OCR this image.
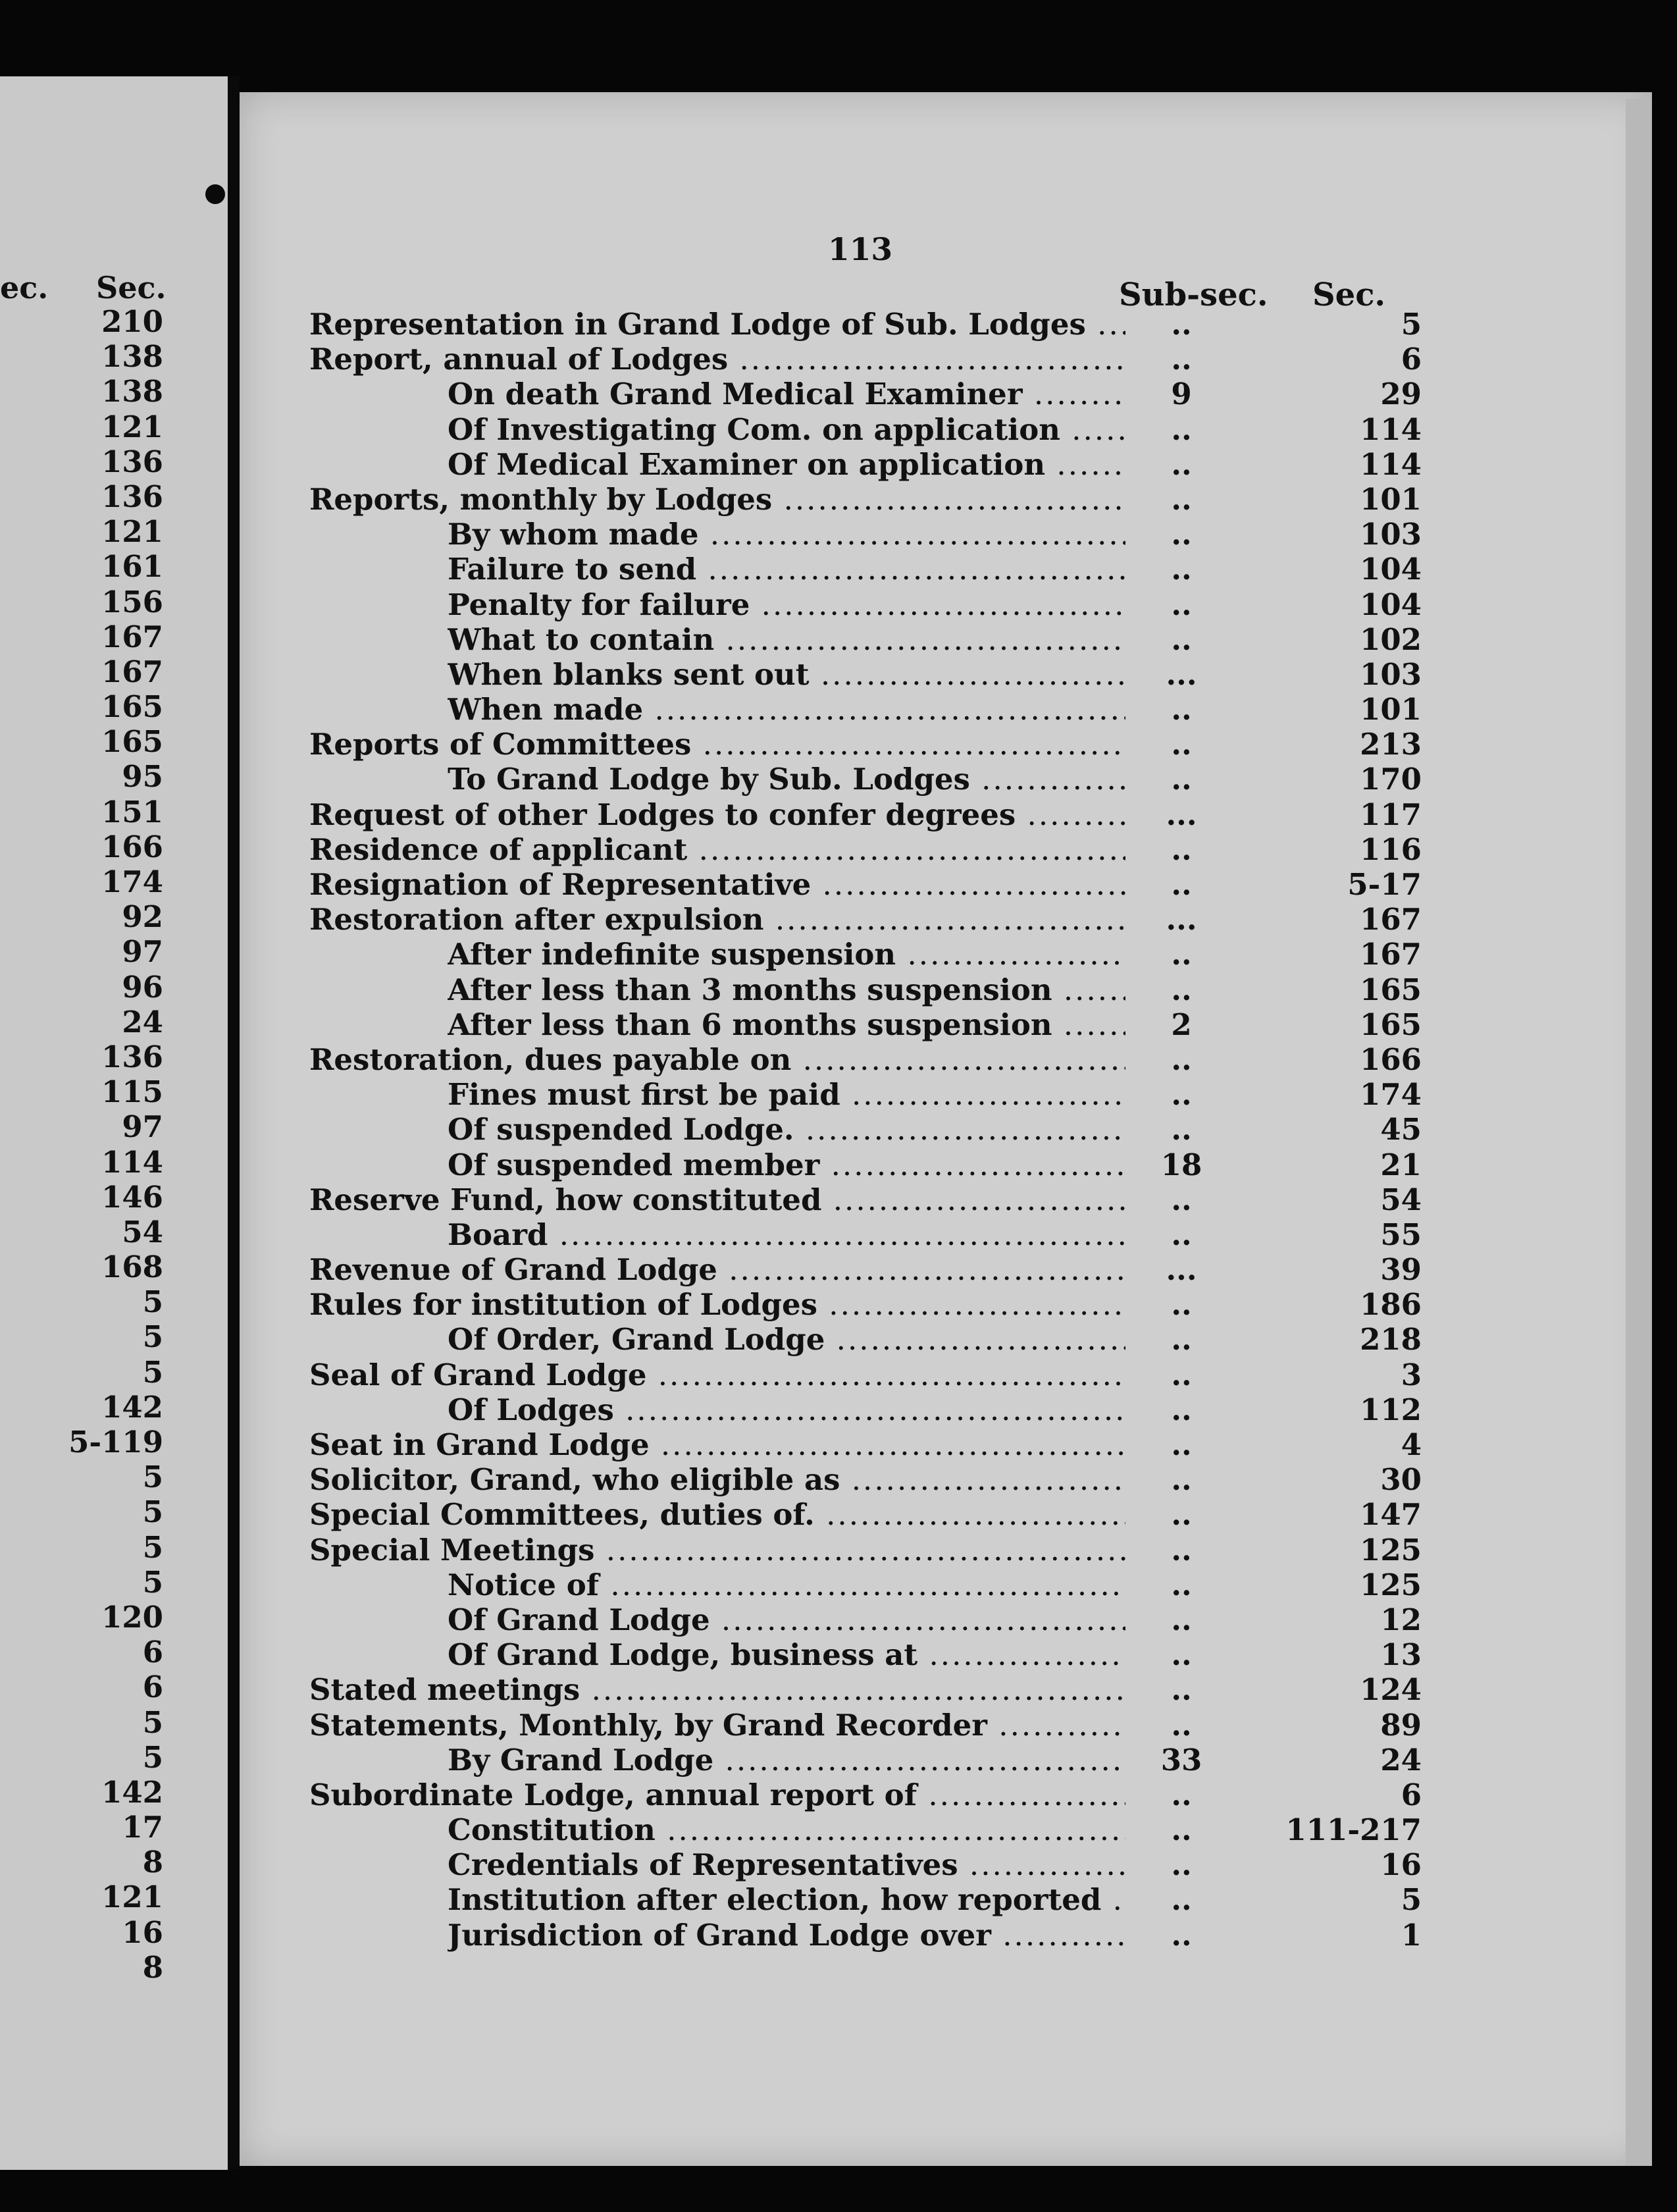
ec. Sec.
210
138
138
121
136
136
121
161
156
167
167
165
165
95
151
166
174
92
97
96
24
136
115
97
114
146
54
168
5
5
5
142
5-119
5
5
5
5
120
6
6
5
5
142
17
8
121
16
8
113
Sub-sec. Sec.
Representation in Grand Lodge of Sub. Lodges .....	..	5
Report, annual of Lodges .....	..	6
On death Grand Medical Examiner .....	9	29
Of Investigating Com. on application .....	..	114
Of Medical Examiner on application .....	..	114
Reports, monthly by Lodges .....	..	101
By whom made .....	..	103
Failure to send .....	..	104
Penalty for failure .....	..	104
What to contain .....	..	102
When blanks sent out .....	...	103
When made .....	..	101
Reports of Committees .....	..	213
To Grand Lodge by Sub. Lodges .....	..	170
Request of other Lodges to confer degrees .....	...	117
Residence of applicant .....	..	116
Resignation of Representative .....	..	5-17
Restoration after expulsion .....	...	167
After indefinite suspension .....	..	167
After less than 3 months suspension .....	..	165
After less than 6 months suspension .....	2	165
Restoration, dues payable on .....	..	166
Fines must first be paid .....	..	174
Of suspended Lodge. .....	..	45
Of suspended member .....	18	21
Reserve Fund, how constituted .....	..	54
Board .....	..	55
Revenue of Grand Lodge .....	...	39
Rules for institution of Lodges .....	..	186
Of Order, Grand Lodge .....	..	218
Seal of Grand Lodge .....	..	3
Of Lodges .....	..	112
Seat in Grand Lodge .....	..	4
Solicitor, Grand, who eligible as .....	..	30
Special Committees, duties of. .....	..	147
Special Meetings .....	..	125
Notice of .....	..	125
Of Grand Lodge .....	..	12
Of Grand Lodge, business at .....	..	13
Stated meetings .....	..	124
Statements, Monthly, by Grand Recorder .....	..	89
By Grand Lodge .....	33	24
Subordinate Lodge, annual report of .....	..	6
Constitution .....	..	111-217
Credentials of Representatives .....	..	16
Institution after election, how reported .....	..	5
Jurisdiction of Grand Lodge over .....	..	1
